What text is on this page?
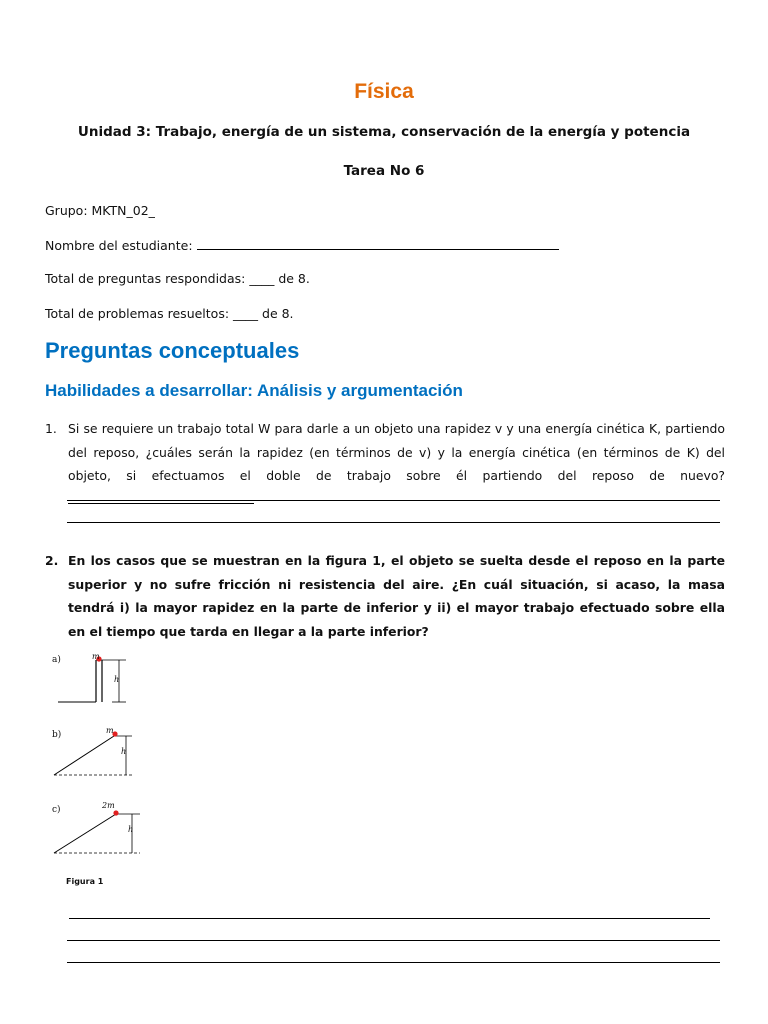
Física
Unidad 3: Trabajo, energía de un sistema, conservación de la energía y potencia
Tarea No 6
Grupo: MKTN_02_
Nombre del estudiante:
Total de preguntas respondidas: ____ de 8.
Total de problemas resueltos: ____ de 8.
Preguntas conceptuales
Habilidades a desarrollar: Análisis y argumentación
1. Si se requiere un trabajo total W para darle a un objeto una rapidez v y una energía cinética K, partiendo del reposo, ¿cuáles serán la rapidez (en términos de v) y la energía cinética (en términos de K) del objeto, si efectuamos el doble de trabajo sobre él partiendo del reposo de nuevo?
2. En los casos que se muestran en la figura 1, el objeto se suelta desde el reposo en la parte superior y no sufre fricción ni resistencia del aire. ¿En cuál situación, si acaso, la masa tendrá i) la mayor rapidez en la parte de inferior y ii) el mayor trabajo efectuado sobre ella en el tiempo que tarda en llegar a la parte inferior?
a)	m
h
b)	m
h
c)	2m
h
Figura 1
